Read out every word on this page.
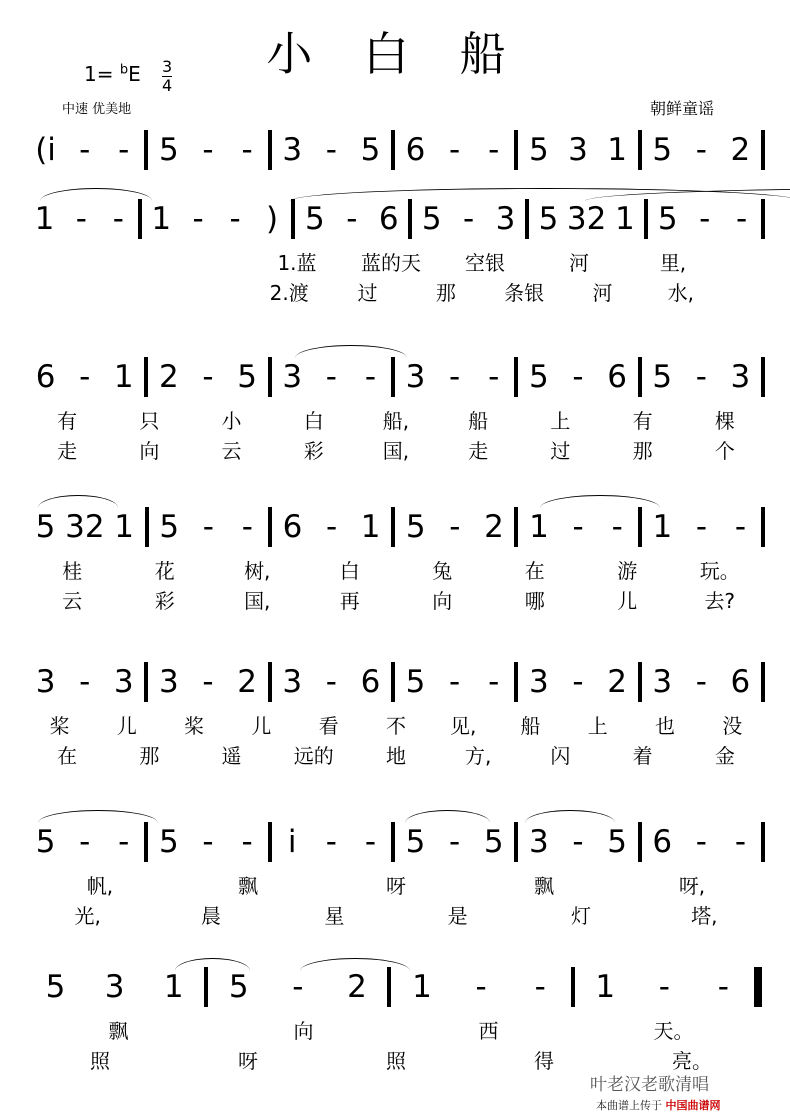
小 白 船
1= $^b$E 3
4
中速 优美地	朝鲜童谣
(i - - 5 - - 3 - 5 6 - - 5 3 1 5 - 2
1 - - 1 - - ) 5 - 6 5 - 3 5 32 1 5 - -
1.蓝	蓝的天	空银	河	里,
2.渡	过	那	条银	河	水,
6 - 1 2 - 5 3 - - 3 - - 5 - 6 5 - 3
有	只	小	白	船,	船	上	有	棵
走	向	云	彩	国,	走	过	那	个
5 32 1 5 - - 6 - 1 5 - 2 1 - - 1 - -
桂	花	树,	白	兔	在	游	玩。
云	彩	国,	再	向	哪	儿	去?
3 - 3 3 - 2 3 - 6 5 - - 3 - 2 3 - 6
桨	儿	桨	儿	看	不	见,	船	上	也	没
在	那	遥	远的	地	方,	闪	着	金
5 - - 5 - -	i - - 5 - 5 3 - 5 6 - -
帆,	飘	呀	飘	呀,
光,	晨	星	是	灯	塔,
5	3	1	5	-	2	1	-	-	1	-	-
飘	向	西	天。
照	呀	照	得	亮。
叶老汉老歌清唱
本曲谱上传于 中国曲谱网
